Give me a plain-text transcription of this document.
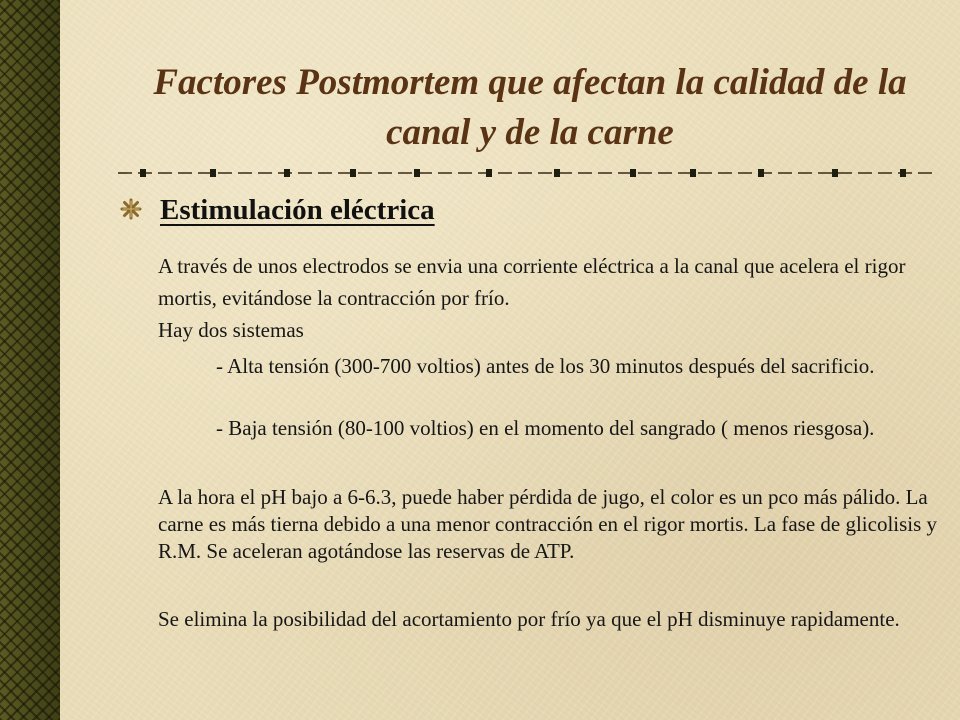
Factores Postmortem que afectan la calidad de la canal y de la carne
Estimulación eléctrica

A través de unos electrodos se envia una corriente eléctrica a la canal que acelera el rigor mortis, evitándose la contracción por frío.

Hay dos sistemas

- Alta tensión (300-700 voltios) antes de los 30 minutos después del sacrificio.

- Baja tensión (80-100 voltios) en el momento del sangrado ( menos riesgosa).

A la hora el pH bajo a 6-6.3, puede haber pérdida de jugo, el color es un pco más pálido. La carne es más tierna debido a una menor contracción en el rigor mortis. La fase de glicolisis y R.M. Se aceleran agotándose las reservas de ATP.

Se elimina la posibilidad del acortamiento por frío ya que el pH disminuye rapidamente.
